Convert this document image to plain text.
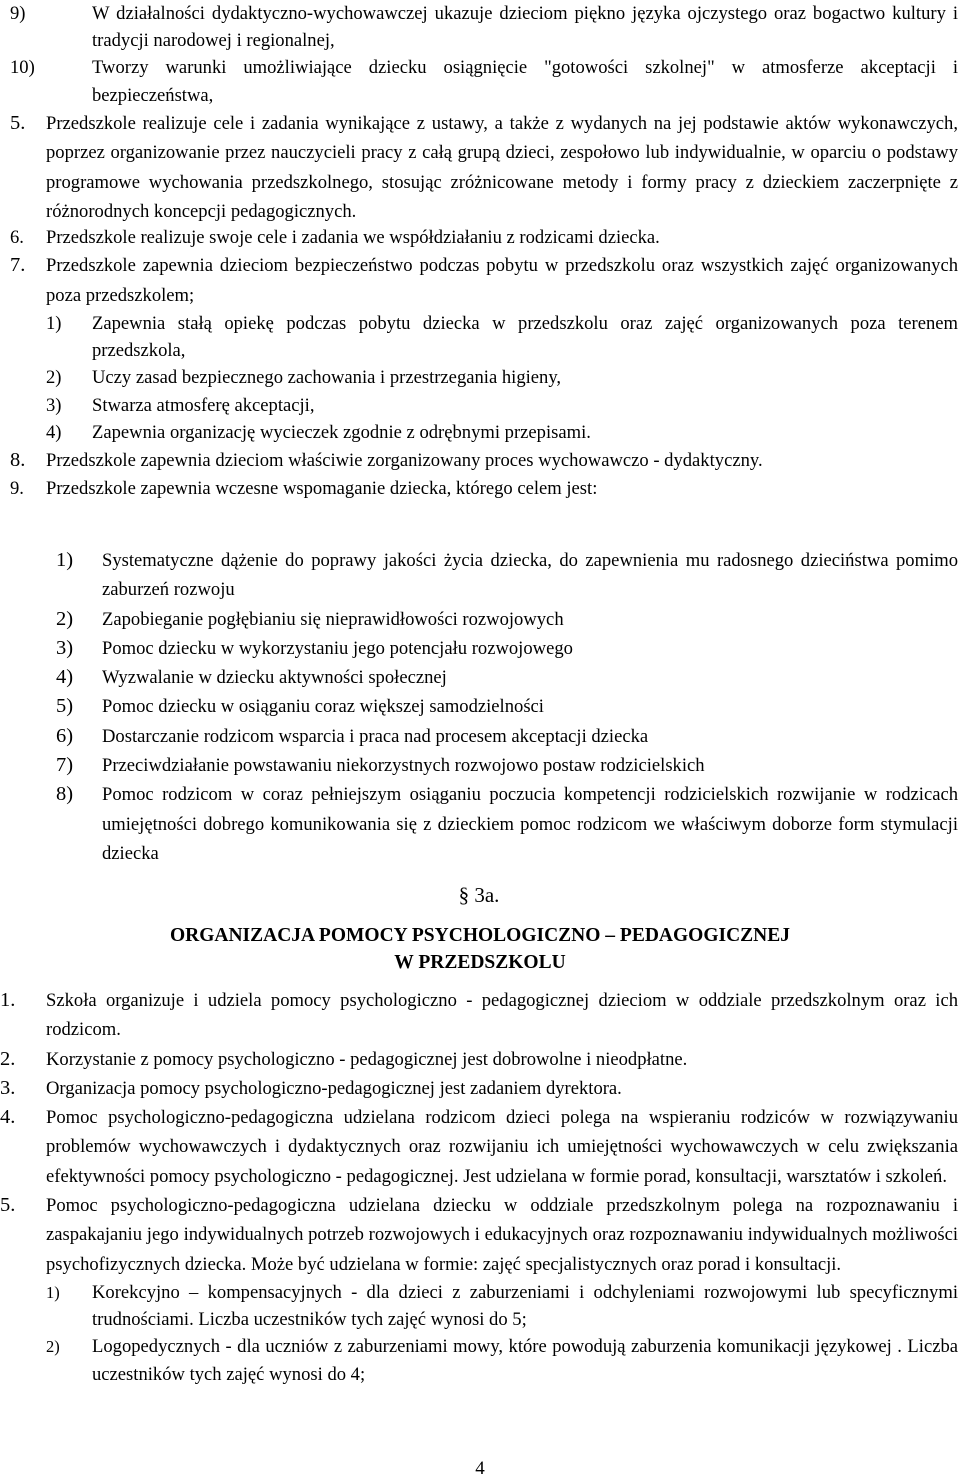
9)	W działalności dydaktyczno-wychowawczej ukazuje dzieciom piękno języka ojczystego oraz bogactwo kultury i tradycji narodowej i regionalnej,
10)	Tworzy warunki umożliwiające dziecku osiągnięcie "gotowości szkolnej" w atmosferze akceptacji i bezpieczeństwa,
5. Przedszkole realizuje cele i zadania wynikające z ustawy, a także z wydanych na jej podstawie aktów wykonawczych, poprzez organizowanie przez nauczycieli pracy z całą grupą dzieci, zespołowo lub indywidualnie, w oparciu o podstawy programowe wychowania przedszkolnego, stosując zróżnicowane metody i formy pracy z dzieckiem zaczerpnięte z różnorodnych koncepcji pedagogicznych.
6. Przedszkole realizuje swoje cele i zadania we współdziałaniu z rodzicami dziecka.
7. Przedszkole zapewnia dzieciom bezpieczeństwo podczas pobytu w przedszkolu oraz wszystkich zajęć organizowanych poza przedszkolem;
1) Zapewnia stałą opiekę podczas pobytu dziecka w przedszkolu oraz zajęć organizowanych poza terenem przedszkola,
2) Uczy zasad bezpiecznego zachowania i przestrzegania higieny,
3) Stwarza atmosferę akceptacji,
4) Zapewnia organizację wycieczek zgodnie z odrębnymi przepisami.
8. Przedszkole zapewnia dzieciom właściwie zorganizowany proces wychowawczo - dydaktyczny.
9. Przedszkole zapewnia wczesne wspomaganie dziecka, którego celem jest:
1) Systematyczne dążenie do poprawy jakości życia dziecka, do zapewnienia mu radosnego dzieciństwa pomimo zaburzeń rozwoju
2) Zapobieganie pogłębianiu się nieprawidłowości rozwojowych
3) Pomoc dziecku w wykorzystaniu jego potencjału rozwojowego
4) Wyzwalanie w dziecku aktywności społecznej
5) Pomoc dziecku w osiąganiu coraz większej samodzielności
6) Dostarczanie rodzicom wsparcia i praca nad procesem akceptacji dziecka
7) Przeciwdziałanie powstawaniu niekorzystnych rozwojowo postaw rodzicielskich
8) Pomoc rodzicom w coraz pełniejszym osiąganiu poczucia kompetencji rodzicielskich rozwijanie w rodzicach umiejętności dobrego komunikowania się z dzieckiem pomoc rodzicom we właściwym doborze form stymulacji dziecka
§ 3a.
ORGANIZACJA POMOCY PSYCHOLOGICZNO – PEDAGOGICZNEJ
W PRZEDSZKOLU
1. Szkoła organizuje i udziela pomocy psychologiczno - pedagogicznej dzieciom w oddziale przedszkolnym oraz ich rodzicom.
2. Korzystanie z pomocy psychologiczno - pedagogicznej jest dobrowolne i nieodpłatne.
3. Organizacja pomocy psychologiczno-pedagogicznej jest zadaniem dyrektora.
4. Pomoc psychologiczno-pedagogiczna udzielana rodzicom dzieci polega na wspieraniu rodziców w rozwiązywaniu problemów wychowawczych i dydaktycznych oraz rozwijaniu ich umiejętności wychowawczych w celu zwiększania efektywności pomocy psychologiczno - pedagogicznej. Jest udzielana w formie porad, konsultacji, warsztatów i szkoleń.
5. Pomoc psychologiczno-pedagogiczna udzielana dziecku w oddziale przedszkolnym polega na rozpoznawaniu i zaspakajaniu jego indywidualnych potrzeb rozwojowych i edukacyjnych oraz rozpoznawaniu indywidualnych możliwości psychofizycznych dziecka. Może być udzielana w formie: zajęć specjalistycznych oraz porad i konsultacji.
1) Korekcyjno – kompensacyjnych - dla dzieci z zaburzeniami i odchyleniami rozwojowymi lub specyficznymi trudnościami. Liczba uczestników tych zajęć wynosi do 5;
2) Logopedycznych - dla uczniów z zaburzeniami mowy, które powodują zaburzenia komunikacji językowej . Liczba uczestników tych zajęć wynosi do 4;
4
